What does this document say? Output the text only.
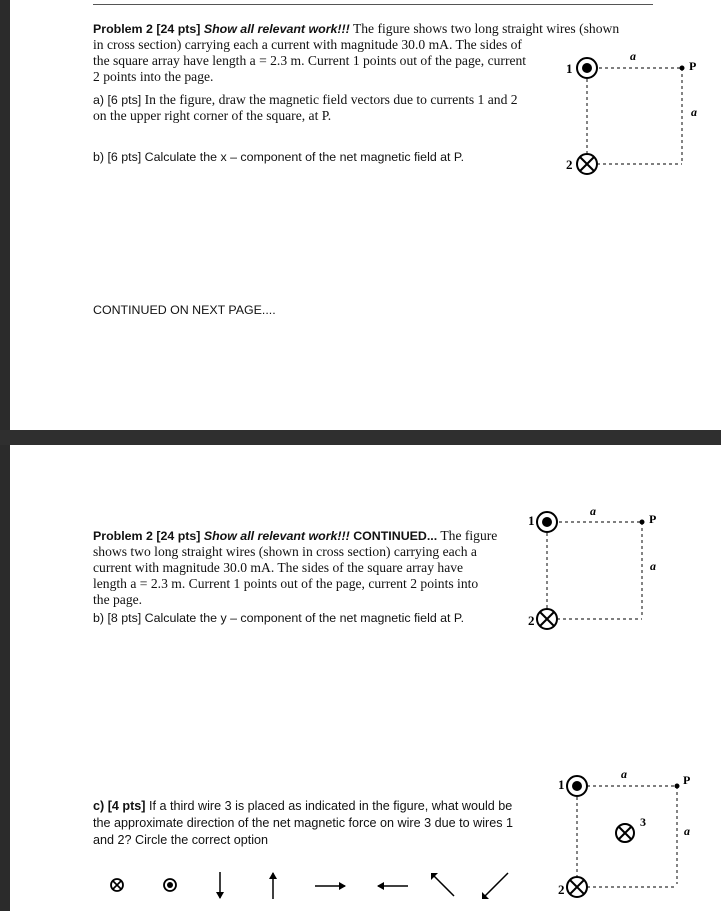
Problem 2 [24 pts] Show all relevant work!!! The figure shows two long straight wires (shown
in cross section) carrying each a current with magnitude 30.0 mA. The sides of
the square array have length a = 2.3 m. Current 1 points out of the page, current
2 points into the page.
a) [6 pts] In the figure, draw the magnetic field vectors due to currents 1 and 2
on the upper right corner of the square, at P.
b) [6 pts] Calculate the x – component of the net magnetic field at P.
CONTINUED ON NEXT PAGE....
1
2
a
a
P
Problem 2 [24 pts] Show all relevant work!!! CONTINUED... The figure
shows two long straight wires (shown in cross section) carrying each a
current with magnitude 30.0 mA. The sides of the square array have
length a = 2.3 m. Current 1 points out of the page, current 2 points into
the page.
b) [8 pts] Calculate the y – component of the net magnetic field at P.
1
2
a
a
P
c) [4 pts] If a third wire 3 is placed as indicated in the figure, what would be
the approximate direction of the net magnetic force on wire 3 due to wires 1
and 2? Circle the correct option
1
2
3
a
a
P
